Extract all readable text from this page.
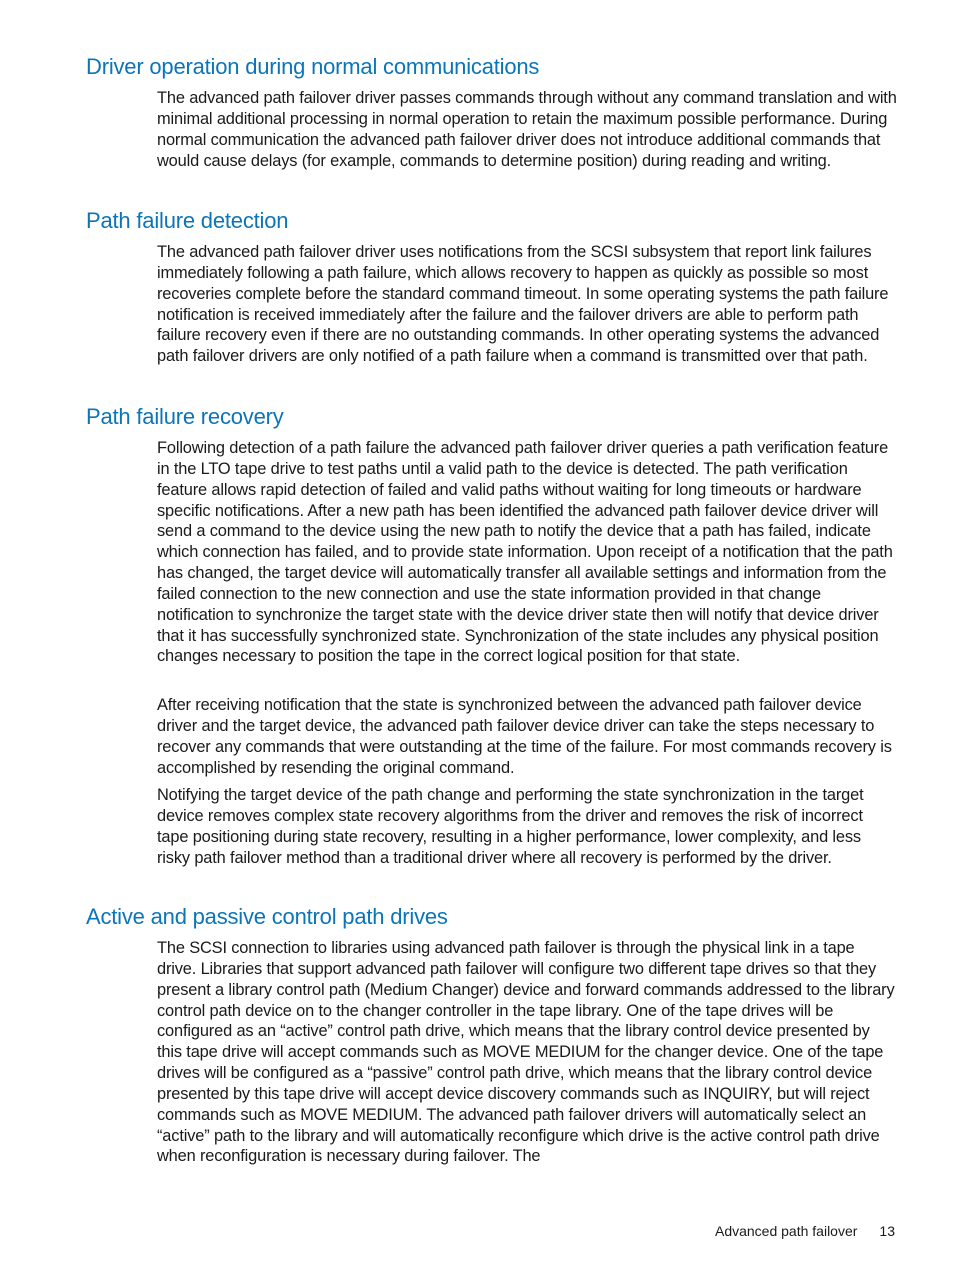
Driver operation during normal communications

The advanced path failover driver passes commands through without any command translation and with minimal additional processing in normal operation to retain the maximum possible performance. During normal communication the advanced path failover driver does not introduce additional commands that would cause delays (for example, commands to determine position) during reading and writing.

Path failure detection

The advanced path failover driver uses notifications from the SCSI subsystem that report link failures immediately following a path failure, which allows recovery to happen as quickly as possible so most recoveries complete before the standard command timeout. In some operating systems the path failure notification is received immediately after the failure and the failover drivers are able to perform path failure recovery even if there are no outstanding commands. In other operating systems the advanced path failover drivers are only notified of a path failure when a command is transmitted over that path.

Path failure recovery

Following detection of a path failure the advanced path failover driver queries a path verification feature in the LTO tape drive to test paths until a valid path to the device is detected. The path verification feature allows rapid detection of failed and valid paths without waiting for long timeouts or hardware specific notifications. After a new path has been identified the advanced path failover device driver will send a command to the device using the new path to notify the device that a path has failed, indicate which connection has failed, and to provide state information. Upon receipt of a notification that the path has changed, the target device will automatically transfer all available settings and information from the failed connection to the new connection and use the state information provided in that change notification to synchronize the target state with the device driver state then will notify that device driver that it has successfully synchronized state. Synchronization of the state includes any physical position changes necessary to position the tape in the correct logical position for that state.

After receiving notification that the state is synchronized between the advanced path failover device driver and the target device, the advanced path failover device driver can take the steps necessary to recover any commands that were outstanding at the time of the failure. For most commands recovery is accomplished by resending the original command.

Notifying the target device of the path change and performing the state synchronization in the target device removes complex state recovery algorithms from the driver and removes the risk of incorrect tape positioning during state recovery, resulting in a higher performance, lower complexity, and less risky path failover method than a traditional driver where all recovery is performed by the driver.

Active and passive control path drives

The SCSI connection to libraries using advanced path failover is through the physical link in a tape drive. Libraries that support advanced path failover will configure two different tape drives so that they present a library control path (Medium Changer) device and forward commands addressed to the library control path device on to the changer controller in the tape library. One of the tape drives will be configured as an “active” control path drive, which means that the library control device presented by this tape drive will accept commands such as MOVE MEDIUM for the changer device. One of the tape drives will be configured as a “passive” control path drive, which means that the library control device presented by this tape drive will accept device discovery commands such as INQUIRY, but will reject commands such as MOVE MEDIUM. The advanced path failover drivers will automatically select an “active” path to the library and will automatically reconfigure which drive is the active control path drive when reconfiguration is necessary during failover. The

Advanced path failover 13
